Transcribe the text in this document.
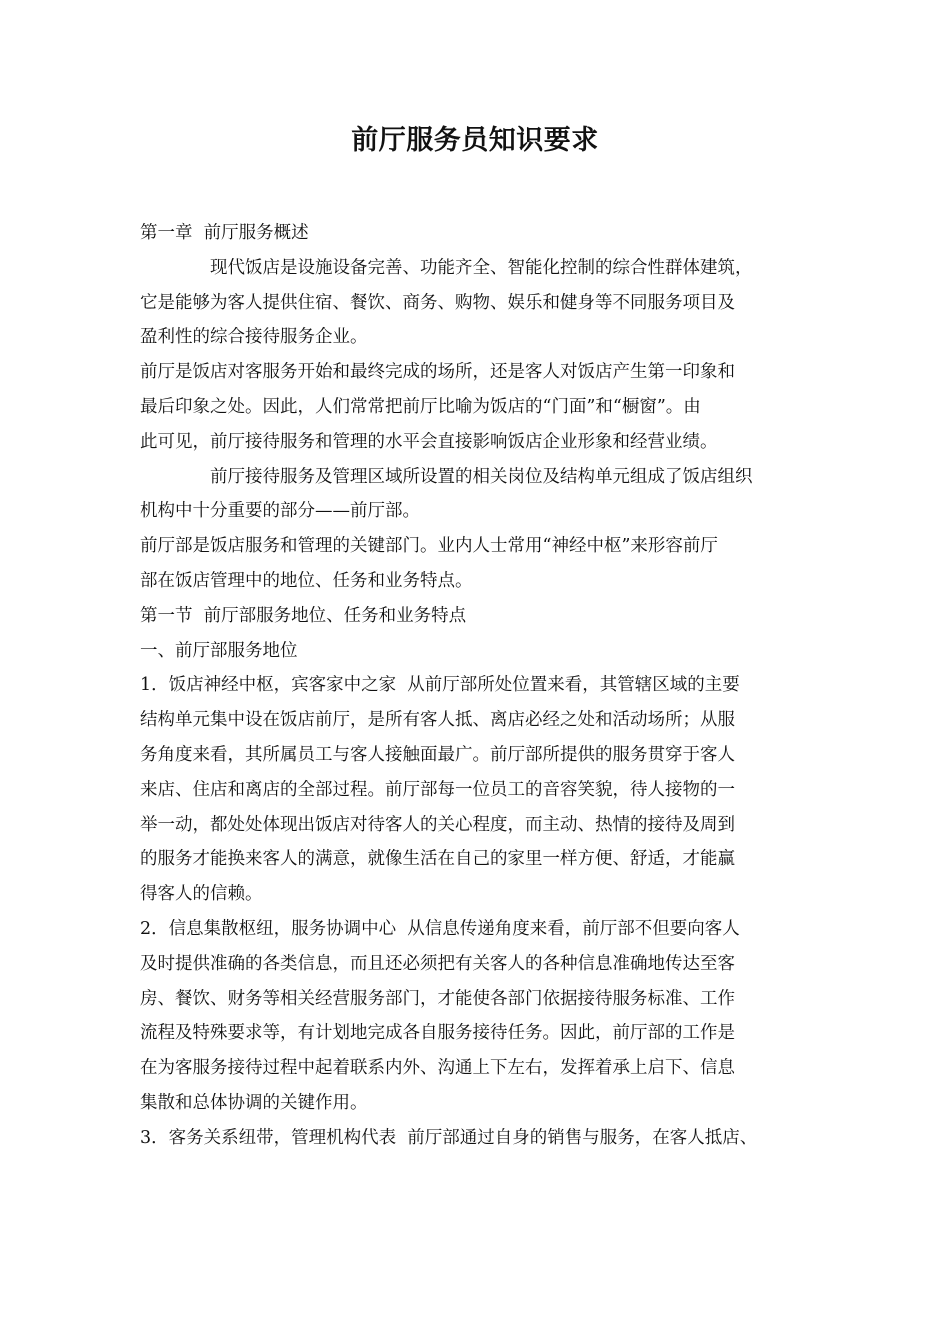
前厅服务员知识要求
第一章  前厅服务概述
现代饭店是设施设备完善、功能齐全、智能化控制的综合性群体建筑，
它是能够为客人提供住宿、餐饮、商务、购物、娱乐和健身等不同服务项目及
盈利性的综合接待服务企业。
前厅是饭店对客服务开始和最终完成的场所，还是客人对饭店产生第一印象和
最后印象之处。因此，人们常常把前厅比喻为饭店的“门面”和“橱窗”。由
此可见，前厅接待服务和管理的水平会直接影响饭店企业形象和经营业绩。
前厅接待服务及管理区域所设置的相关岗位及结构单元组成了饭店组织
机构中十分重要的部分——前厅部。
前厅部是饭店服务和管理的关键部门。业内人士常用“神经中枢”来形容前厅
部在饭店管理中的地位、任务和业务特点。
第一节  前厅部服务地位、任务和业务特点
一、前厅部服务地位
1．饭店神经中枢，宾客家中之家  从前厅部所处位置来看，其管辖区域的主要
结构单元集中设在饭店前厅，是所有客人抵、离店必经之处和活动场所；从服
务角度来看，其所属员工与客人接触面最广。前厅部所提供的服务贯穿于客人
来店、住店和离店的全部过程。前厅部每一位员工的音容笑貌，待人接物的一
举一动，都处处体现出饭店对待客人的关心程度，而主动、热情的接待及周到
的服务才能换来客人的满意，就像生活在自己的家里一样方便、舒适，才能赢
得客人的信赖。
2．信息集散枢纽，服务协调中心  从信息传递角度来看，前厅部不但要向客人
及时提供准确的各类信息，而且还必须把有关客人的各种信息准确地传达至客
房、餐饮、财务等相关经营服务部门，才能使各部门依据接待服务标准、工作
流程及特殊要求等，有计划地完成各自服务接待任务。因此，前厅部的工作是
在为客服务接待过程中起着联系内外、沟通上下左右，发挥着承上启下、信息
集散和总体协调的关键作用。
3．客务关系纽带，管理机构代表  前厅部通过自身的销售与服务，在客人抵店、
